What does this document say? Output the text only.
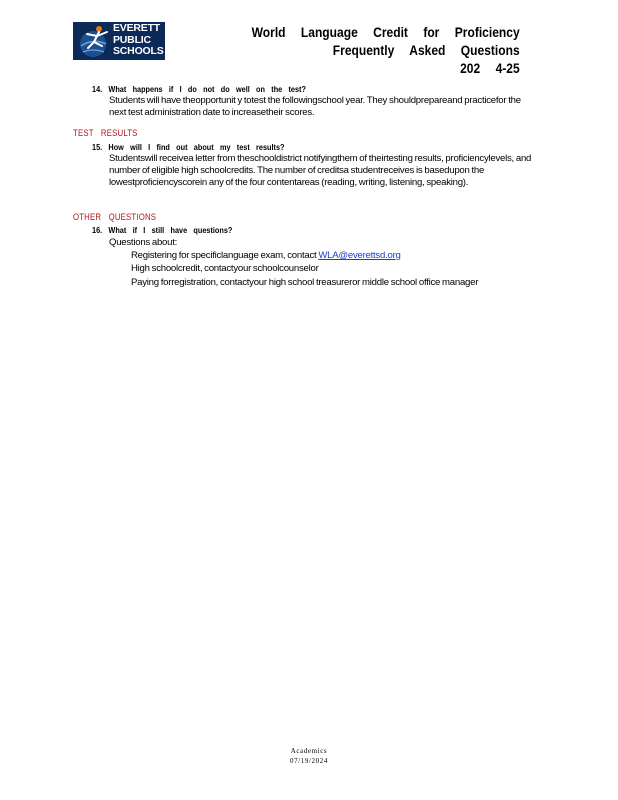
EVERETT
PUBLIC
SCHOOLS
World Language Credit for Proficiency
Frequently Asked Questions
202 4-25
14. What happens if I do not do well on the test?
Students will have theopportunit y totest the followingschool year. They shouldprepareand practicefor the next test administration date to increasetheir scores.
TEST RESULTS
15. How will I find out about my test results?
Studentswill receivea letter from theschooldistrict notifyingthem of theirtesting results, proficiencylevels, and number of eligible high schoolcredits. The number of creditsa studentreceives is basedupon the lowestproficiencyscorein any of the four contentareas (reading, writing, listening, speaking).
OTHER QUESTIONS
16. What if I still have questions?
Questions about:
Registering for specificlanguage exam, contact WLA@everettsd.org
High schoolcredit, contactyour schoolcounselor
Paying forregistration, contactyour high school treasureror middle school office manager
Academics
07/19/2024
